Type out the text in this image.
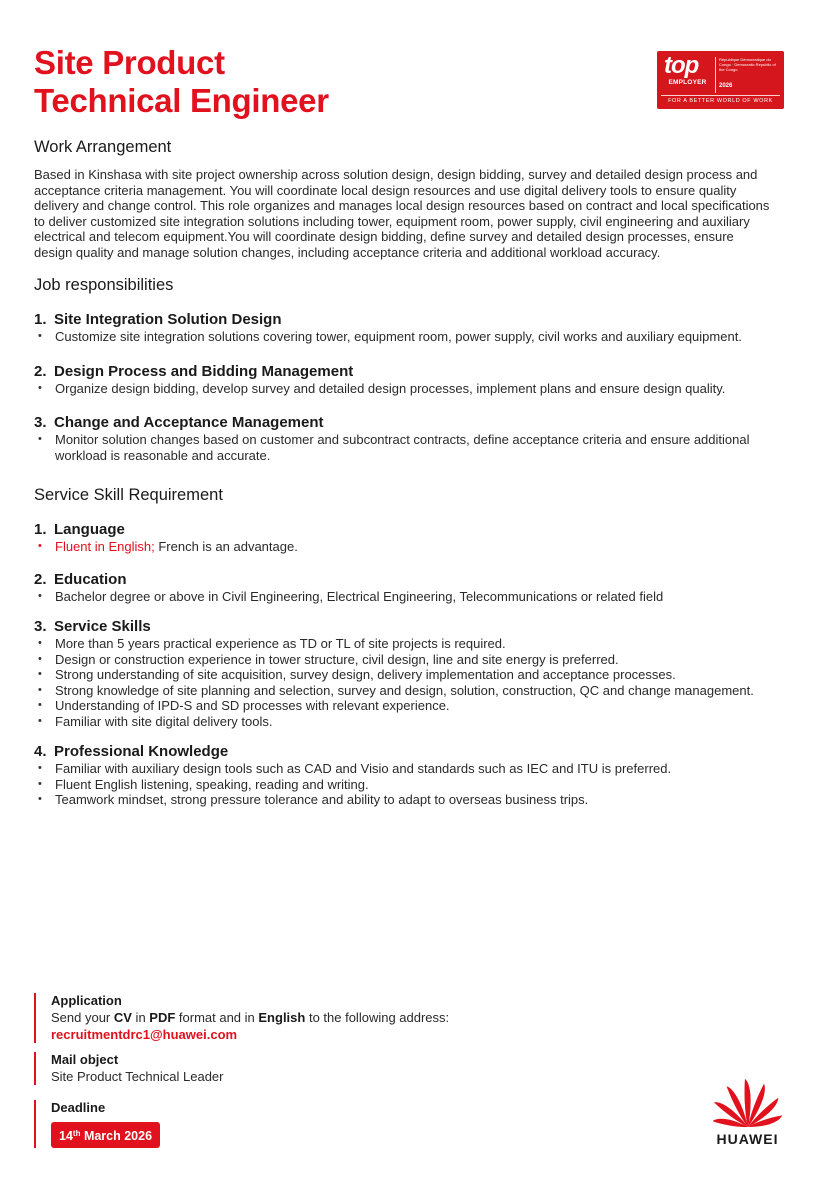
Site Product
Technical Engineer
top
EMPLOYER
République Démocratique du Congo · Democratic Republic of the Congo
2026
FOR A BETTER WORLD OF WORK
Work Arrangement

Based in Kinshasa with site project ownership across solution design, design bidding, survey and detailed design process and acceptance criteria management. You will coordinate local design resources and use digital delivery tools to ensure quality delivery and change control. This role organizes and manages local design resources based on contract and local specifications to deliver customized site integration solutions including tower, equipment room, power supply, civil engineering and auxiliary electrical and telecom equipment.You will coordinate design bidding, define survey and detailed design processes, ensure design quality and manage solution changes, including acceptance criteria and additional workload accuracy.

Job responsibilities
1. Site Integration Solution Design
• Customize site integration solutions covering tower, equipment room, power supply, civil works and auxiliary equipment.
2. Design Process and Bidding Management
• Organize design bidding, develop survey and detailed design processes, implement plans and ensure design quality.
3. Change and Acceptance Management
• Monitor solution changes based on customer and subcontract contracts, define acceptance criteria and ensure additional workload is reasonable and accurate.
Service Skill Requirement
1. Language
• Fluent in English; French is an advantage.
2. Education
• Bachelor degree or above in Civil Engineering, Electrical Engineering, Telecommunications or related field
3. Service Skills
• More than 5 years practical experience as TD or TL of site projects is required.
• Design or construction experience in tower structure, civil design, line and site energy is preferred.
• Strong understanding of site acquisition, survey design, delivery implementation and acceptance processes.
• Strong knowledge of site planning and selection, survey and design, solution, construction, QC and change management.
• Understanding of IPD-S and SD processes with relevant experience.
• Familiar with site digital delivery tools.
4. Professional Knowledge
• Familiar with auxiliary design tools such as CAD and Visio and standards such as IEC and ITU is preferred.
• Fluent English listening, speaking, reading and writing.
• Teamwork mindset, strong pressure tolerance and ability to adapt to overseas business trips.
Application
Send your CV in PDF format and in English to the following address:
recruitmentdrc1@huawei.com
Mail object
Site Product Technical Leader
Deadline
14th March 2026	HUAWEI
